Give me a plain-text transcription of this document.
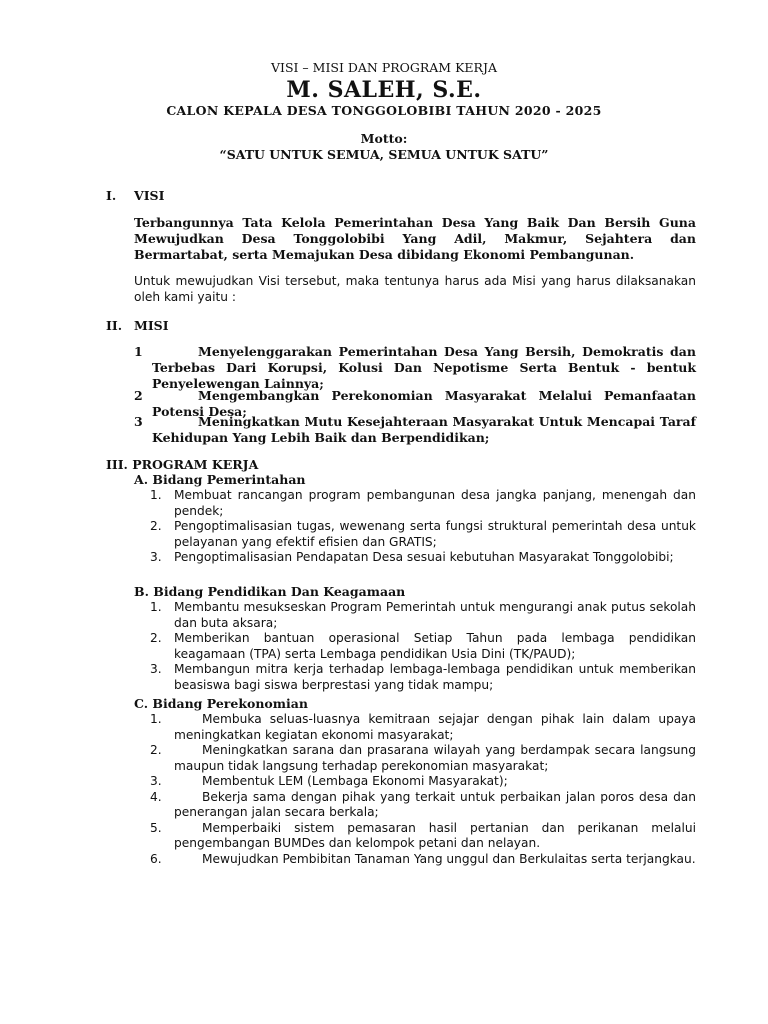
VISI – MISI DAN PROGRAM KERJA

M. SALEH, S.E.

CALON KEPALA DESA TONGGOLOBIBI TAHUN 2020 - 2025

Motto:

“SATU UNTUK SEMUA, SEMUA UNTUK SATU”

I. VISI

Terbangunnya Tata Kelola Pemerintahan Desa Yang Baik Dan Bersih Guna Mewujudkan Desa Tonggolobibi Yang Adil, Makmur, Sejahtera dan Bermartabat, serta Memajukan Desa dibidang Ekonomi Pembangunan.

Untuk mewujudkan Visi tersebut, maka tentunya harus ada Misi yang harus dilaksanakan oleh kami yaitu :

II. MISI
1	Menyelenggarakan Pemerintahan Desa Yang Bersih, Demokratis dan Terbebas Dari Korupsi, Kolusi Dan Nepotisme Serta Bentuk - bentuk Penyelewengan Lainnya;

2	Mengembangkan Perekonomian Masyarakat Melalui Pemanfaatan Potensi Desa;

3	Meningkatkan Mutu Kesejahteraan Masyarakat Untuk Mencapai Taraf Kehidupan Yang Lebih Baik dan Berpendidikan;

III. PROGRAM KERJA
A. Bidang Pemerintahan
1. Membuat rancangan program pembangunan desa jangka panjang, menengah dan pendek;
2. Pengoptimalisasian tugas, wewenang serta fungsi struktural pemerintah desa untuk pelayanan yang efektif efisien dan GRATIS;
3. Pengoptimalisasian Pendapatan Desa sesuai kebutuhan Masyarakat Tonggolobibi;
B. Bidang Pendidikan Dan Keagamaan
1. Membantu mesukseskan Program Pemerintah untuk mengurangi anak putus sekolah dan buta aksara;
2. Memberikan bantuan operasional Setiap Tahun pada lembaga pendidikan keagamaan (TPA) serta Lembaga pendidikan Usia Dini (TK/PAUD);
3. Membangun mitra kerja terhadap lembaga-lembaga pendidikan untuk memberikan beasiswa bagi siswa berprestasi yang tidak mampu;
C. Bidang Perekonomian
1.	Membuka seluas-luasnya kemitraan sejajar dengan pihak lain dalam upaya meningkatkan kegiatan ekonomi masyarakat;
2.	Meningkatkan sarana dan prasarana wilayah yang berdampak secara langsung maupun tidak langsung terhadap perekonomian masyarakat;
3.	Membentuk LEM (Lembaga Ekonomi Masyarakat);
4.	Bekerja sama dengan pihak yang terkait untuk perbaikan jalan poros desa dan penerangan jalan secara berkala;
5.	Memperbaiki sistem pemasaran hasil pertanian dan perikanan melalui pengembangan BUMDes dan kelompok petani dan nelayan.
6.	Mewujudkan Pembibitan Tanaman Yang unggul dan Berkulaitas serta terjangkau.
